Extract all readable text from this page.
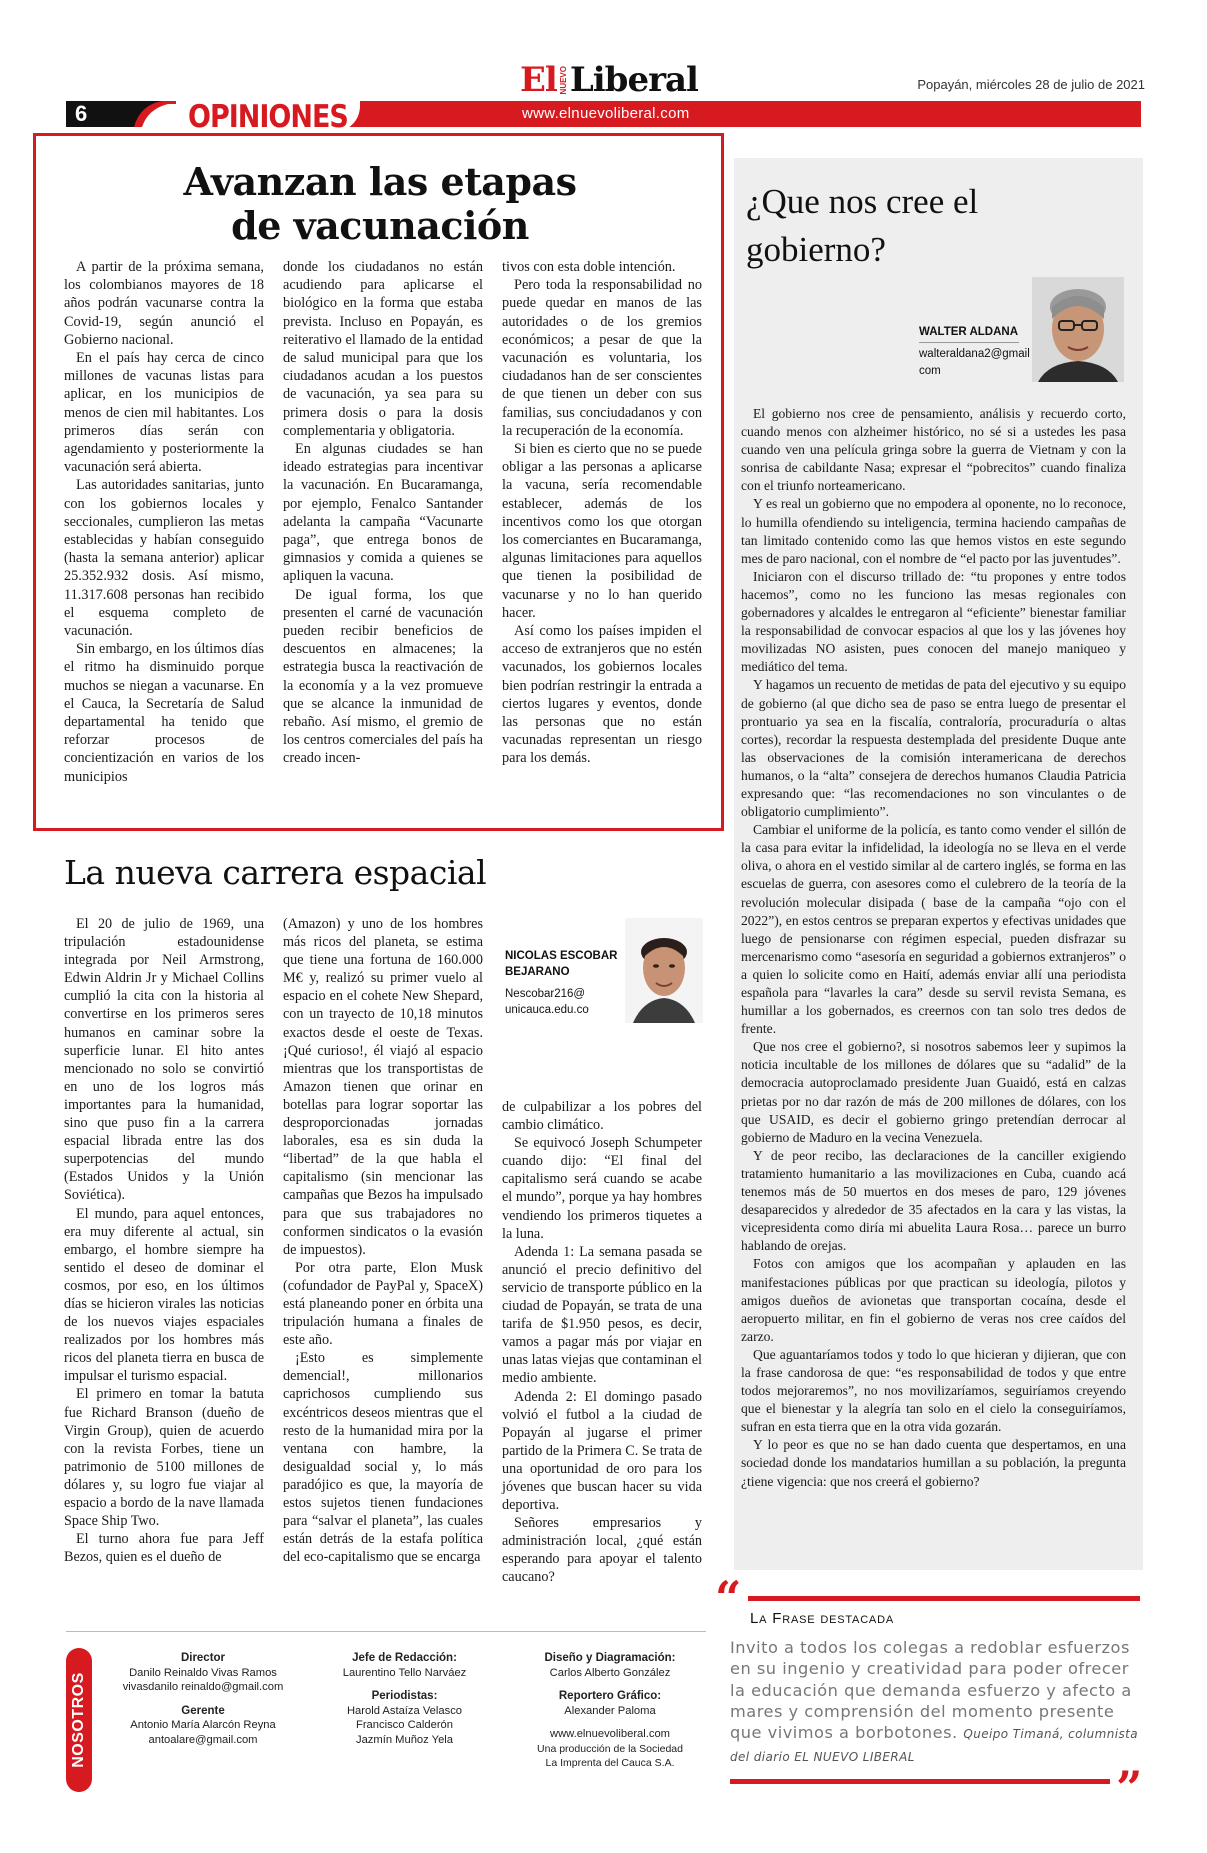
El NUEVO Liberal	Popayán, miércoles 28 de julio de 2021
6	OPINIONES	www.elnuevoliberal.com
Avanzan las etapas
de vacunación

A partir de la próxima semana, los colombianos mayores de 18 años podrán vacunarse contra la Covid-19, según anunció el Gobierno nacional.

En el país hay cerca de cinco millones de vacunas listas para aplicar, en los municipios de menos de cien mil habitantes. Los primeros días serán con agendamiento y posteriormente la vacunación será abierta.

Las autoridades sanitarias, junto con los gobiernos locales y seccionales, cumplieron las metas establecidas y habían conseguido (hasta la semana anterior) aplicar 25.352.932 dosis. Así mismo, 11.317.608 personas han recibido el esquema completo de vacunación.

Sin embargo, en los últimos días el ritmo ha disminuido porque muchos se niegan a vacunarse. En el Cauca, la Secretaría de Salud departamental ha tenido que reforzar procesos de concientización en varios de los municipios

donde los ciudadanos no están acudiendo para aplicarse el biológico en la forma que estaba prevista. Incluso en Popayán, es reiterativo el llamado de la entidad de salud municipal para que los ciudadanos acudan a los puestos de vacunación, ya sea para su primera dosis o para la dosis complementaria y obligatoria.

En algunas ciudades se han ideado estrategias para incentivar la vacunación. En Bucaramanga, por ejemplo, Fenalco Santander adelanta la campaña “Vacunarte paga”, que entrega bonos de gimnasios y comida a quienes se apliquen la vacuna.

De igual forma, los que presenten el carné de vacunación pueden recibir beneficios de descuentos en almacenes; la estrategia busca la reactivación de la economía y a la vez promueve que se alcance la inmunidad de rebaño. Así mismo, el gremio de los centros comerciales del país ha creado incen-

tivos con esta doble intención.

Pero toda la responsabilidad no puede quedar en manos de las autoridades o de los gremios económicos; a pesar de que la vacunación es voluntaria, los ciudadanos han de ser conscientes de que tienen un deber con sus familias, sus conciudadanos y con la recuperación de la economía.

Si bien es cierto que no se puede obligar a las personas a aplicarse la vacuna, sería recomendable establecer, además de los incentivos como los que otorgan los comerciantes en Bucaramanga, algunas limitaciones para aquellos que tienen la posibilidad de vacunarse y no lo han querido hacer.

Así como los países impiden el acceso de extranjeros que no estén vacunados, los gobiernos locales bien podrían restringir la entrada a ciertos lugares y eventos, donde las personas que no están vacunadas representan un riesgo para los demás.

La nueva carrera espacial

El 20 de julio de 1969, una tripulación estadounidense integrada por Neil Armstrong, Edwin Aldrin Jr y Michael Collins cumplió la cita con la historia al convertirse en los primeros seres humanos en caminar sobre la superficie lunar. El hito antes mencionado no solo se convirtió en uno de los logros más importantes para la humanidad, sino que puso fin a la carrera espacial librada entre las dos superpotencias del mundo (Estados Unidos y la Unión Soviética).

El mundo, para aquel entonces, era muy diferente al actual, sin embargo, el hombre siempre ha sentido el deseo de dominar el cosmos, por eso, en los últimos días se hicieron virales las noticias de los nuevos viajes espaciales realizados por los hombres más ricos del planeta tierra en busca de impulsar el turismo espacial.

El primero en tomar la batuta fue Richard Branson (dueño de Virgin Group), quien de acuerdo con la revista Forbes, tiene un patrimonio de 5100 millones de dólares y, su logro fue viajar al espacio a bordo de la nave llamada Space Ship Two.

El turno ahora fue para Jeff Bezos, quien es el dueño de

(Amazon) y uno de los hombres más ricos del planeta, se estima que tiene una fortuna de 160.000 M€ y, realizó su primer vuelo al espacio en el cohete New Shepard, con un trayecto de 10,18 minutos exactos desde el oeste de Texas. ¡Qué curioso!, él viajó al espacio mientras que los transportistas de Amazon tienen que orinar en botellas para lograr soportar las desproporcionadas jornadas laborales, esa es sin duda la “libertad” de la que habla el capitalismo (sin mencionar las campañas que Bezos ha impulsado para que sus trabajadores no conformen sindicatos o la evasión de impuestos).

Por otra parte, Elon Musk (cofundador de PayPal y, SpaceX) está planeando poner en órbita una tripulación humana a finales de este año.

¡Esto es simplemente demencial!, millonarios caprichosos cumpliendo sus excéntricos deseos mientras que el resto de la humanidad mira por la ventana con hambre, la desigualdad social y, lo más paradójico es que, la mayoría de estos sujetos tienen fundaciones para “salvar el planeta”, las cuales están detrás de la estafa política del eco-capitalismo que se encarga

NICOLAS ESCOBAR
BEJARANO
Nescobar216@
unicauca.edu.co

de culpabilizar a los pobres del cambio climático.

Se equivocó Joseph Schumpeter cuando dijo: “El final del capitalismo será cuando se acabe el mundo”, porque ya hay hombres vendiendo los primeros tiquetes a la luna.

Adenda 1: La semana pasada se anunció el precio definitivo del servicio de transporte público en la ciudad de Popayán, se trata de una tarifa de $1.950 pesos, es decir, vamos a pagar más por viajar en unas latas viejas que contaminan el medio ambiente.

Adenda 2: El domingo pasado volvió el futbol a la ciudad de Popayán al jugarse el primer partido de la Primera C. Se trata de una oportunidad de oro para los jóvenes que buscan hacer su vida deportiva.

Señores empresarios y administración local, ¿qué están esperando para apoyar el talento caucano?

¿Que nos cree el gobierno?
WALTER ALDANA
walteraldana2@gmail
com

El gobierno nos cree de pensamiento, análisis y recuerdo corto, cuando menos con alzheimer histórico, no sé si a ustedes les pasa cuando ven una película gringa sobre la guerra de Vietnam y con la sonrisa de cabildante Nasa; expresar el “pobrecitos” cuando finaliza con el triunfo norteamericano.

Y es real un gobierno que no empodera al oponente, no lo reconoce, lo humilla ofendiendo su inteligencia, termina haciendo campañas de tan limitado contenido como las que hemos vistos en este segundo mes de paro nacional, con el nombre de “el pacto por las juventudes”.

Iniciaron con el discurso trillado de: “tu propones y entre todos hacemos”, como no les funciono las mesas regionales con gobernadores y alcaldes le entregaron al “eficiente” bienestar familiar la responsabilidad de convocar espacios al que los y las jóvenes hoy movilizadas NO asisten, pues conocen del manejo maniqueo y mediático del tema.

Y hagamos un recuento de metidas de pata del ejecutivo y su equipo de gobierno (al que dicho sea de paso se entra luego de presentar el prontuario ya sea en la fiscalía, contraloría, procuraduría o altas cortes), recordar la respuesta destemplada del presidente Duque ante las observaciones de la comisión interamericana de derechos humanos, o la “alta” consejera de derechos humanos Claudia Patricia expresando que: “las recomendaciones no son vinculantes o de obligatorio cumplimiento”.

Cambiar el uniforme de la policía, es tanto como vender el sillón de la casa para evitar la infidelidad, la ideología no se lleva en el verde oliva, o ahora en el vestido similar al de cartero inglés, se forma en las escuelas de guerra, con asesores como el culebrero de la teoría de la revolución molecular disipada ( base de la campaña “ojo con el 2022”), en estos centros se preparan expertos y efectivas unidades que luego de pensionarse con régimen especial, pueden disfrazar su mercenarismo como “asesoría en seguridad a gobiernos extranjeros” o a quien lo solicite como en Haití, además enviar allí una periodista española para “lavarles la cara” desde su servil revista Semana, es humillar a los gobernados, es creernos con tan solo tres dedos de frente.

Que nos cree el gobierno?, si nosotros sabemos leer y supimos la noticia incultable de los millones de dólares que su “adalid” de la democracia autoproclamado presidente Juan Guaidó, está en calzas prietas por no dar razón de más de 200 millones de dólares, con los que USAID, es decir el gobierno gringo pretendían derrocar al gobierno de Maduro en la vecina Venezuela.

Y de peor recibo, las declaraciones de la canciller exigiendo tratamiento humanitario a las movilizaciones en Cuba, cuando acá tenemos más de 50 muertos en dos meses de paro, 129 jóvenes desaparecidos y alrededor de 35 afectados en la cara y las vistas, la vicepresidenta como diría mi abuelita Laura Rosa… parece un burro hablando de orejas.

Fotos con amigos que los acompañan y aplauden en las manifestaciones públicas por que practican su ideología, pilotos y amigos dueños de avionetas que transportan cocaína, desde el aeropuerto militar, en fin el gobierno de veras nos cree caídos del zarzo.

Que aguantaríamos todos y todo lo que hicieran y dijieran, que con la frase candorosa de que: “es responsabilidad de todos y que entre todos mejoraremos”, no nos movilizaríamos, seguiríamos creyendo que el bienestar y la alegría tan solo en el cielo la conseguiríamos, sufran en esta tierra que en la otra vida gozarán.

Y lo peor es que no se han dado cuenta que despertamos, en una sociedad donde los mandatarios humillan a su población, la pregunta ¿tiene vigencia: que nos creerá el gobierno?

“ La Frase destacada
Invito a todos los colegas a redoblar esfuerzos en su ingenio y creatividad para poder ofrecer la educación que demanda esfuerzo y afecto a mares y comprensión del momento presente que vivimos a borbotones. Queipo Timaná, columnista del diario EL NUEVO LIBERAL
”
NOSOTROS
Director
Danilo Reinaldo Vivas Ramos
vivasdanilo reinaldo@gmail.com
Gerente
Antonio María Alarcón Reyna
antoalare@gmail.com
Jefe de Redacción:
Laurentino Tello Narváez
Periodistas:
Harold Astaíza Velasco
Francisco Calderón
Jazmín Muñoz Yela
Diseño y Diagramación:
Carlos Alberto González
Reportero Gráfico:
Alexander Paloma
www.elnuevoliberal.com
Una producción de la Sociedad
La Imprenta del Cauca S.A.
